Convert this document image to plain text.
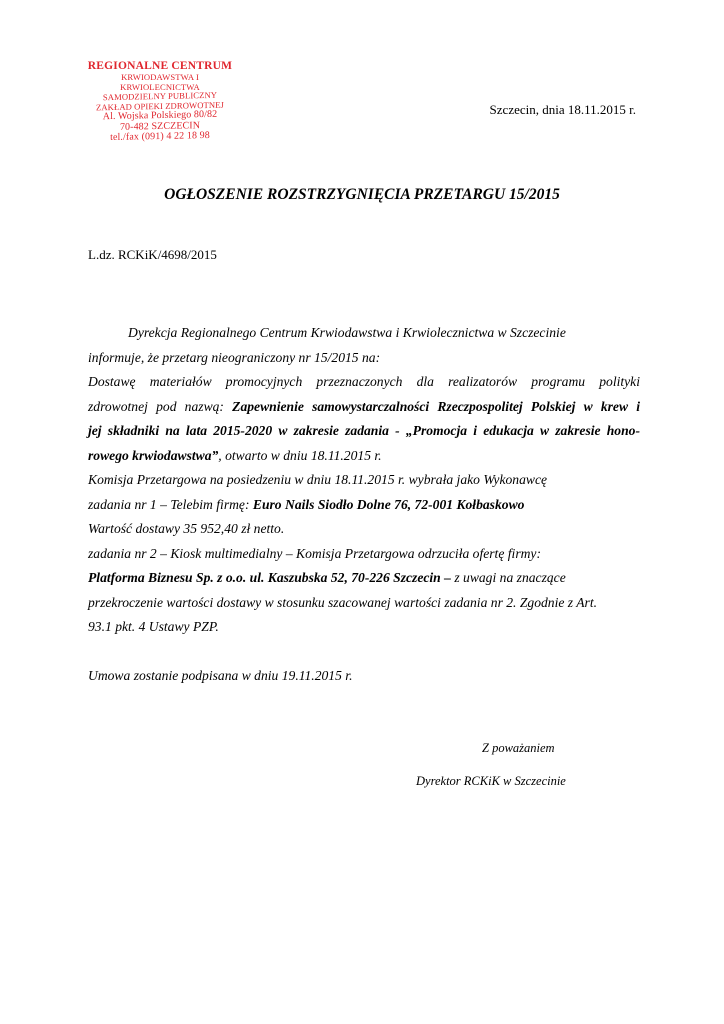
REGIONALNE CENTRUM
KRWIODAWSTWA I KRWIOLECNICTWA
SAMODZIELNY PUBLICZNY
ZAKŁAD OPIEKI ZDROWOTNEJ
Al. Wojska Polskiego 80/82
70-482 SZCZECIN
tel./fax (091) 4 22 18 98
Szczecin, dnia 18.11.2015 r.
OGŁOSZENIE ROZSTRZYGNIĘCIA PRZETARGU 15/2015
L.dz. RCKiK/4698/2015

Dyrekcja Regionalnego Centrum Krwiodawstwa i Krwiolecznictwa w Szczecinie

informuje, że przetarg nieograniczony nr 15/2015 na:

Dostawę materiałów promocyjnych przeznaczonych dla realizatorów programu polityki

zdrowotnej pod nazwą: Zapewnienie samowystarczalności Rzeczpospolitej Polskiej w krew i

jej składniki na lata 2015-2020 w zakresie zadania - „Promocja i edukacja w zakresie hono-

rowego krwiodawstwa”, otwarto w dniu 18.11.2015 r.

Komisja Przetargowa na posiedzeniu w dniu 18.11.2015 r. wybrała jako Wykonawcę

zadania nr 1 – Telebim firmę: Euro Nails Siodło Dolne 76, 72-001 Kołbaskowo

Wartość dostawy 35 952,40 zł netto.

zadania nr 2 – Kiosk multimedialny – Komisja Przetargowa odrzuciła ofertę firmy:

Platforma Biznesu Sp. z o.o. ul. Kaszubska 52, 70-226 Szczecin – z uwagi na znaczące

przekroczenie wartości dostawy w stosunku szacowanej wartości zadania nr 2. Zgodnie z Art.

93.1 pkt. 4 Ustawy PZP.

Umowa zostanie podpisana w dniu 19.11.2015 r.

Z poważaniem
Dyrektor RCKiK w Szczecinie
